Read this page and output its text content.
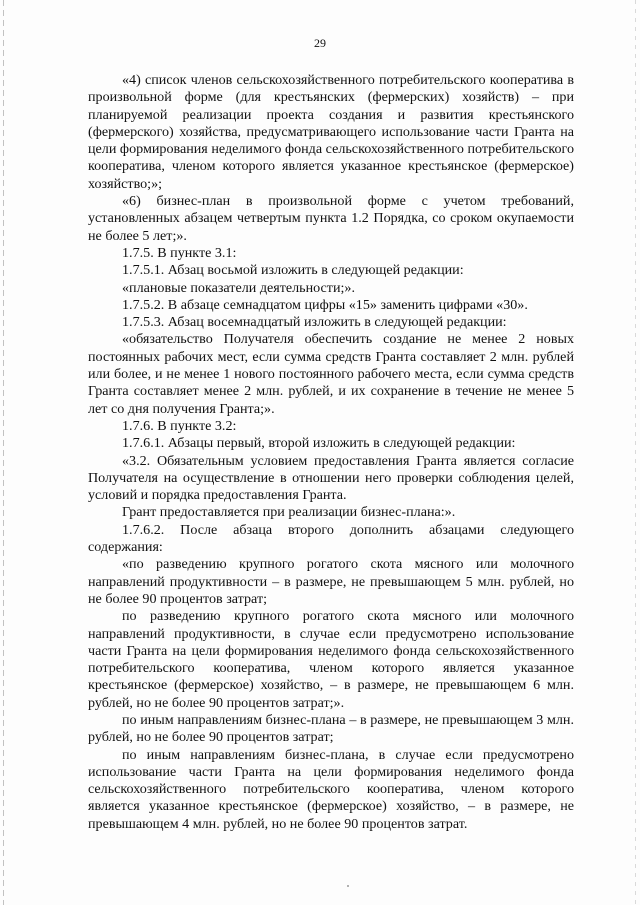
29

«4) список членов сельскохозяйственного потребительского кооператива в произвольной форме (для крестьянских (фермерских) хозяйств) – при планируемой реализации проекта создания и развития крестьянского (фермерского) хозяйства, предусматривающего использование части Гранта на цели формирования неделимого фонда сельскохозяйственного потребительского кооператива, членом которого является указанное крестьянское (фермерское) хозяйство;»;

«6) бизнес-план в произвольной форме с учетом требований, установленных абзацем четвертым пункта 1.2 Порядка, со сроком окупаемости не более 5 лет;».

1.7.5. В пункте 3.1:

1.7.5.1. Абзац восьмой изложить в следующей редакции:

«плановые показатели деятельности;».

1.7.5.2. В абзаце семнадцатом цифры «15» заменить цифрами «30».

1.7.5.3. Абзац восемнадцатый изложить в следующей редакции:

«обязательство Получателя обеспечить создание не менее 2 новых постоянных рабочих мест, если сумма средств Гранта составляет 2 млн. рублей или более, и не менее 1 нового постоянного рабочего места, если сумма средств Гранта составляет менее 2 млн. рублей, и их сохранение в течение не менее 5 лет со дня получения Гранта;».

1.7.6. В пункте 3.2:

1.7.6.1. Абзацы первый, второй изложить в следующей редакции:

«3.2. Обязательным условием предоставления Гранта является согласие Получателя на осуществление в отношении него проверки соблюдения целей, условий и порядка предоставления Гранта.

Грант предоставляется при реализации бизнес-плана:».

1.7.6.2. После абзаца второго дополнить абзацами следующего содержания:

«по разведению крупного рогатого скота мясного или молочного направлений продуктивности – в размере, не превышающем 5 млн. рублей, но не более 90 процентов затрат;

по разведению крупного рогатого скота мясного или молочного направлений продуктивности, в случае если предусмотрено использование части Гранта на цели формирования неделимого фонда сельскохозяйственного потребительского кооператива, членом которого является указанное крестьянское (фермерское) хозяйство, – в размере, не превышающем 6 млн. рублей, но не более 90 процентов затрат;».

по иным направлениям бизнес-плана – в размере, не превышающем 3 млн. рублей, но не более 90 процентов затрат;

по иным направлениям бизнес-плана, в случае если предусмотрено использование части Гранта на цели формирования неделимого фонда сельскохозяйственного потребительского кооператива, членом которого является указанное крестьянское (фермерское) хозяйство, – в размере, не превышающем 4 млн. рублей, но не более 90 процентов затрат.
